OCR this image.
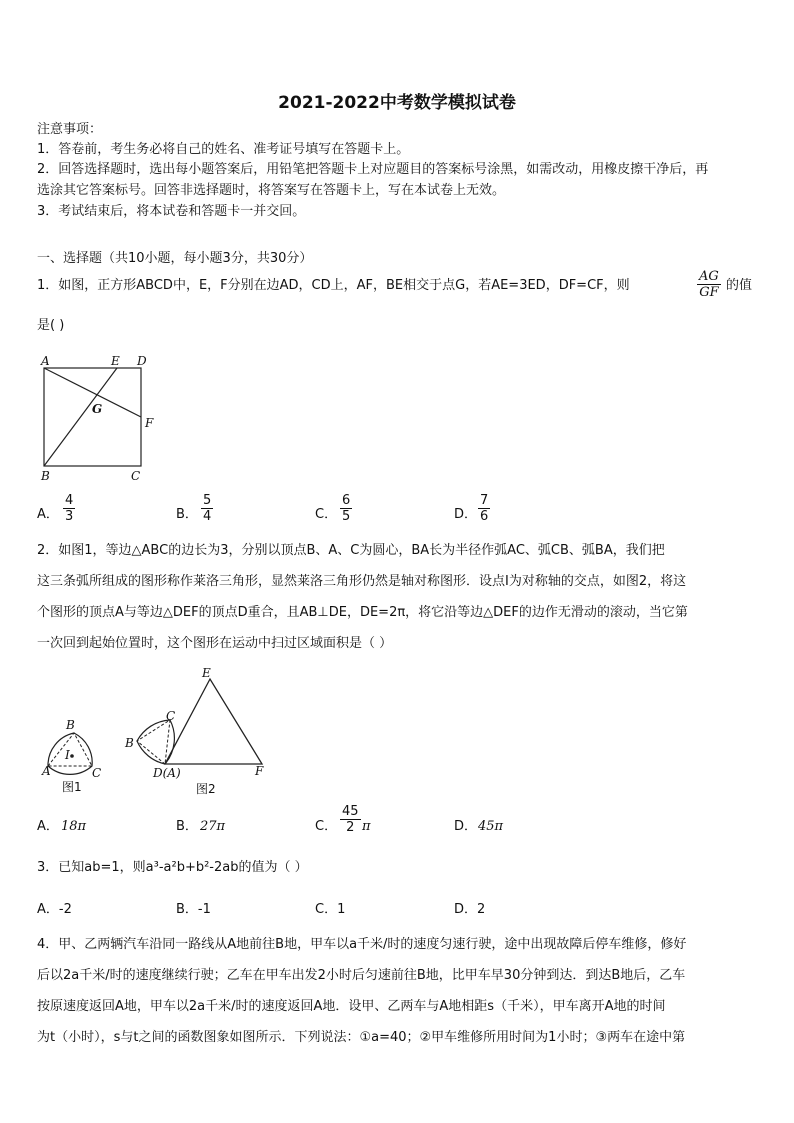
2021-2022中考数学模拟试卷
注意事项：
1．答卷前，考生务必将自己的姓名、准考证号填写在答题卡上。
2．回答选择题时，选出每小题答案后，用铅笔把答题卡上对应题目的答案标号涂黑，如需改动，用橡皮擦干净后，再
选涂其它答案标号。回答非选择题时，将答案写在答题卡上，写在本试卷上无效。
3．考试结束后，将本试卷和答题卡一并交回。
一、选择题（共10小题，每小题3分，共30分）
1．如图，正方形ABCD中，E，F分别在边AD，CD上，AF，BE相交于点G，若AE=3ED，DF=CF，则	$\frac{AG}{GF}$ 的值
是( )
A	E D
G
F
B	C
A． $\frac{4}{3}$	B． $\frac{5}{4}$	C． $\frac{6}{5}$	D． $\frac{7}{6}$
2．如图1，等边△ABC的边长为3，分别以顶点B、A、C为圆心，BA长为半径作弧AC、弧CB、弧BA，我们把
这三条弧所组成的图形称作莱洛三角形，显然莱洛三角形仍然是轴对称图形．设点I为对称轴的交点，如图2，将这
个图形的顶点A与等边△DEF的顶点D重合，且AB⊥DE，DE=2π，将它沿等边△DEF的边作无滑动的滚动，当它第
一次回到起始位置时，这个图形在运动中扫过区域面积是（ ）
B
I
A	C
图1
E
C
B
D(A)	F
图2
A． 18π	B． 27π	C． $\frac{45}{2}$ π	D． 45π
3．已知ab=1，则a³-a²b+b²-2ab的值为（ ）
A．-2	B．-1	C．1	D．2
4．甲、乙两辆汽车沿同一路线从A地前往B地，甲车以a千米/时的速度匀速行驶，途中出现故障后停车维修，修好
后以2a千米/时的速度继续行驶；乙车在甲车出发2小时后匀速前往B地，比甲车早30分钟到达．到达B地后，乙车
按原速度返回A地，甲车以2a千米/时的速度返回A地．设甲、乙两车与A地相距s（千米），甲车离开A地的时间
为t（小时），s与t之间的函数图象如图所示．下列说法：①a=40；②甲车维修所用时间为1小时；③两车在途中第
